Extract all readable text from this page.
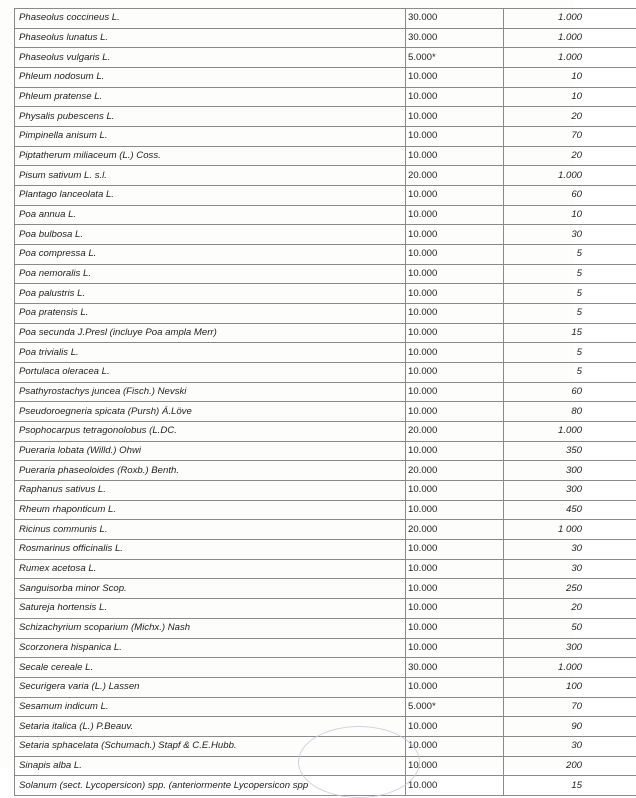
Phaseolus coccineus L.	30.000	1.000
Phaseolus lunatus L.	30.000	1.000
Phaseolus vulgaris L.	5.000*	1.000
Phleum nodosum L.	10.000	10
Phleum pratense L.	10.000	10
Physalis pubescens L.	10.000	20
Pimpinella anisum L.	10.000	70
Piptatherum miliaceum (L.) Coss.	10.000	20
Pisum sativum L. s.l.	20.000	1.000
Plantago lanceolata L.	10.000	60
Poa annua L.	10.000	10
Poa bulbosa L.	10.000	30
Poa compressa L.	10.000	5
Poa nemoralis L.	10.000	5
Poa palustris L.	10.000	5
Poa pratensis L.	10.000	5
Poa secunda J.Presl (incluye Poa ampla Merr)	10.000	15
Poa trivialis L.	10.000	5
Portulaca oleracea L.	10.000	5
Psathyrostachys juncea (Fisch.) Nevski	10.000	60
Pseudoroegneria spicata (Pursh) Á.Löve	10.000	80
Psophocarpus tetragonolobus (L.DC.	20.000	1.000
Pueraria lobata (Willd.) Ohwi	10.000	350
Pueraria phaseoloides (Roxb.) Benth.	20.000	300
Raphanus sativus L.	10.000	300
Rheum rhaponticum L.	10.000	450
Ricinus communis L.	20.000	1 000
Rosmarinus officinalis L.	10.000	30
Rumex acetosa L.	10.000	30
Sanguisorba minor Scop.	10.000	250
Satureja hortensis L.	10.000	20
Schizachyrium scoparium (Michx.) Nash	10.000	50
Scorzonera hispanica L.	10.000	300
Secale cereale L.	30.000	1.000
Securigera varia (L.) Lassen	10.000	100
Sesamum indicum L.	5.000*	70
Setaria italica (L.) P.Beauv.	10.000	90
Setaria sphacelata (Schumach.) Stapf & C.E.Hubb.	10.000	30
Sinapis alba L.	10.000	200
Solanum (sect. Lycopersicon) spp. (anteriormente Lycopersicon spp	10.000	15
